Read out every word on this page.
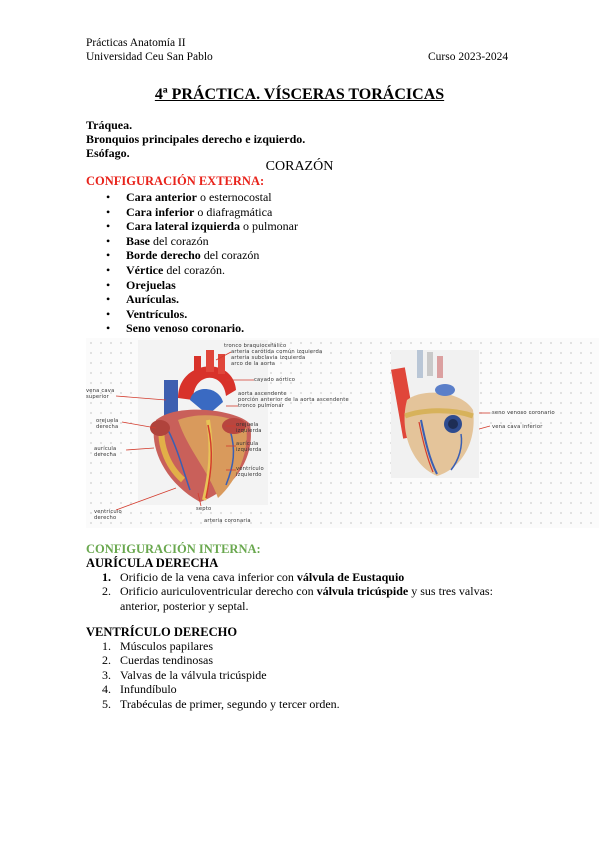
Prácticas Anatomía II
Universidad Ceu San Pablo	Curso 2023-2024
4ª PRÁCTICA. VÍSCERAS TORÁCICAS
Tráquea.
Bronquios principales derecho e izquierdo.
Esófago.
CORAZÓN
CONFIGURACIÓN EXTERNA:
• Cara anterior o esternocostal
• Cara inferior o diafragmática
• Cara lateral izquierda o pulmonar
• Base del corazón
• Borde derecho del corazón
• Vértice del corazón.
• Orejuelas
• Aurículas.
• Ventrículos.
• Seno venoso coronario.
tronco braquiocefálico
arteria carótida común izquierda
arteria subclavia izquierda
arco de la aorta
cayado aórtico
vena cava superior	aorta ascendente
porción anterior de la aorta ascendente
tronco pulmonar
orejuela derecha	orejuela izquierda
aurícula derecha
aurícula izquierda
ventrículo izquierdo
ventrículo derecho
septo
arteria coronaria
seno venoso coronario
vena cava inferior
CONFIGURACIÓN INTERNA:
AURÍCULA DERECHA
1. Orificio de la vena cava inferior con válvula de Eustaquio
2. Orificio auriculoventricular derecho con válvula tricúspide y sus tres valvas:
anterior, posterior y septal.
VENTRÍCULO DERECHO
1. Músculos papilares
2. Cuerdas tendinosas
3. Valvas de la válvula tricúspide
4. Infundíbulo
5. Trabéculas de primer, segundo y tercer orden.
